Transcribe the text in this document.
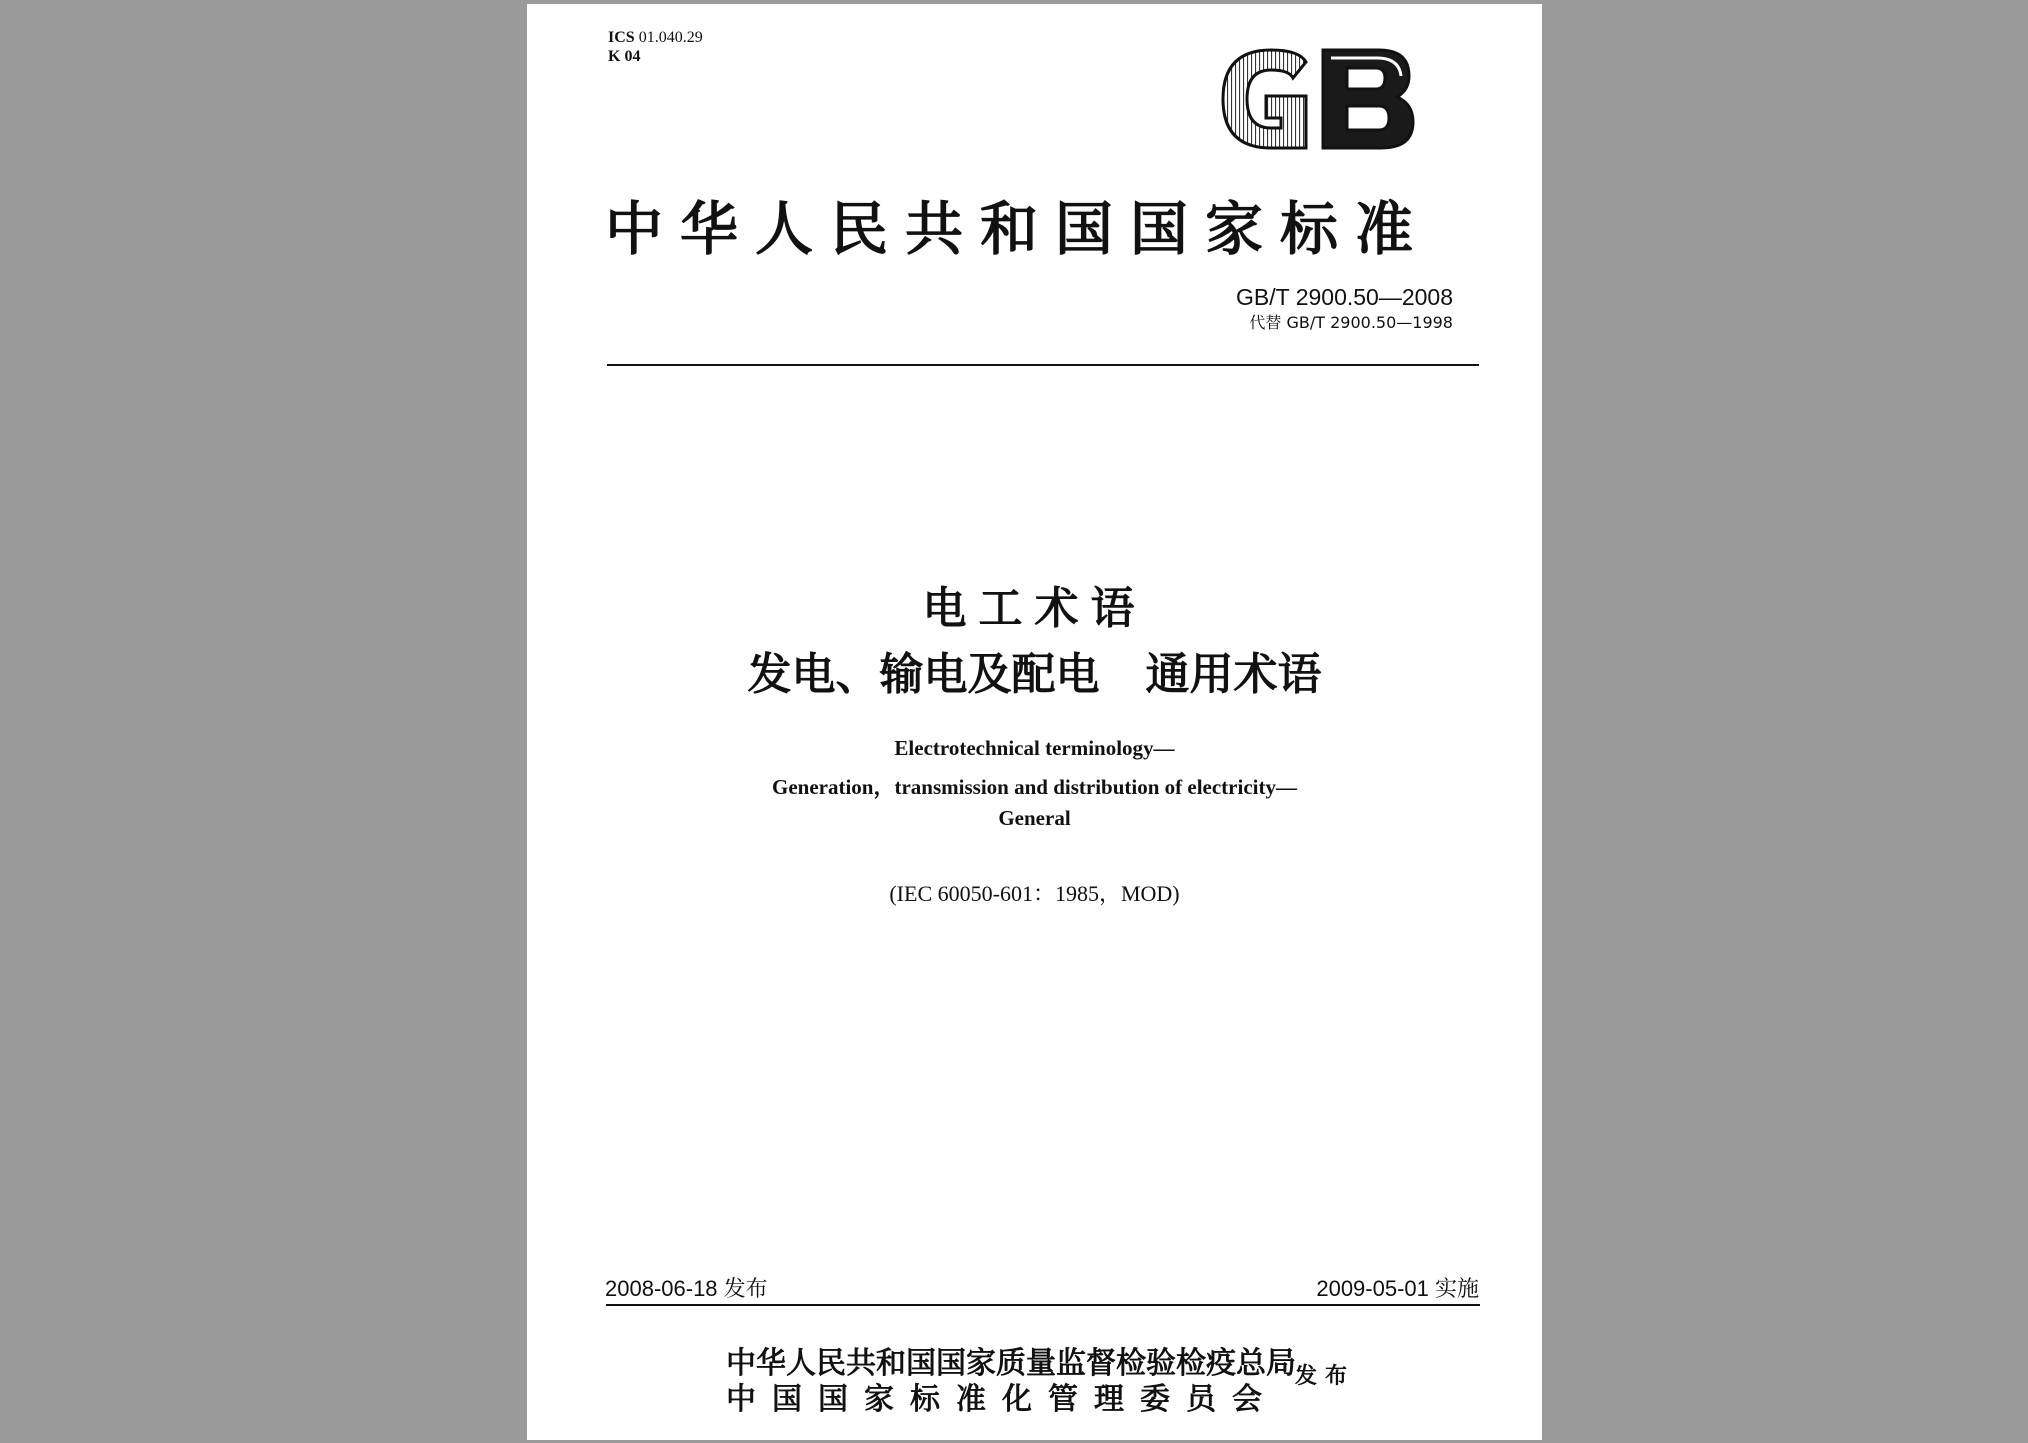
ICS 01.040.29
K 04
中华人民共和国国家标准
GB/T 2900.50—2008
代替 GB/T 2900.50—1998
电工术语
发电、输电及配电   通用术语
Electrotechnical terminology—
Generation，transmission and distribution of electricity—
General
(IEC 60050-601：1985，MOD)
2008-06-18 发布	2009-05-01 实施
中华人民共和国国家质量监督检验检疫总局
中国国家标准化管理委员会
发布
